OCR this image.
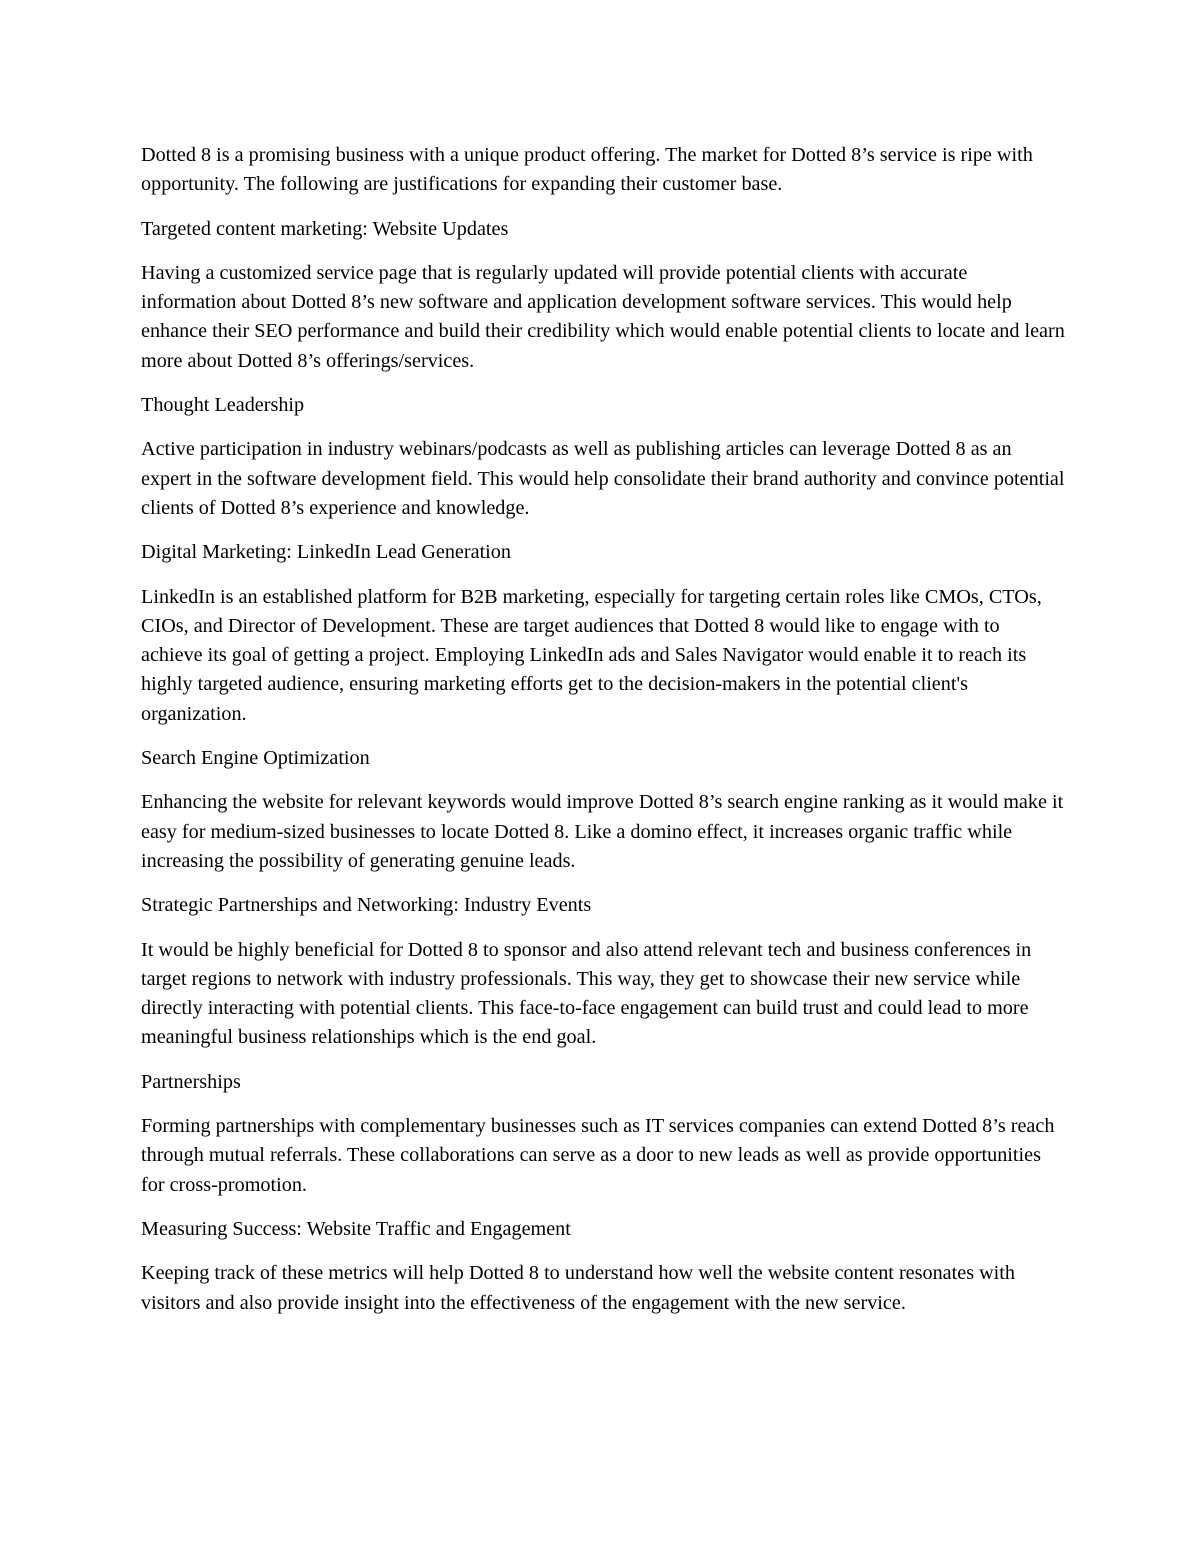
Dotted 8 is a promising business with a unique product offering. The market for Dotted 8’s service is ripe with opportunity. The following are justifications for expanding their customer base.

Targeted content marketing: Website Updates

Having a customized service page that is regularly updated will provide potential clients with accurate information about Dotted 8’s new software and application development software services. This would help enhance their SEO performance and build their credibility which would enable potential clients to locate and learn more about Dotted 8’s offerings/services.

Thought Leadership

Active participation in industry webinars/podcasts as well as publishing articles can leverage Dotted 8 as an expert in the software development field. This would help consolidate their brand authority and convince potential clients of Dotted 8’s experience and knowledge.

Digital Marketing: LinkedIn Lead Generation

LinkedIn is an established platform for B2B marketing, especially for targeting certain roles like CMOs, CTOs, CIOs, and Director of Development. These are target audiences that Dotted 8 would like to engage with to achieve its goal of getting a project. Employing LinkedIn ads and Sales Navigator would enable it to reach its highly targeted audience, ensuring marketing efforts get to the decision-makers in the potential client's organization.

Search Engine Optimization

Enhancing the website for relevant keywords would improve Dotted 8’s search engine ranking as it would make it easy for medium-sized businesses to locate Dotted 8. Like a domino effect, it increases organic traffic while increasing the possibility of generating genuine leads.

Strategic Partnerships and Networking: Industry Events

It would be highly beneficial for Dotted 8 to sponsor and also attend relevant tech and business conferences in target regions to network with industry professionals. This way, they get to showcase their new service while directly interacting with potential clients. This face-to-face engagement can build trust and could lead to more meaningful business relationships which is the end goal.

Partnerships

Forming partnerships with complementary businesses such as IT services companies can extend Dotted 8’s reach through mutual referrals. These collaborations can serve as a door to new leads as well as provide opportunities for cross-promotion.

Measuring Success: Website Traffic and Engagement

Keeping track of these metrics will help Dotted 8 to understand how well the website content resonates with visitors and also provide insight into the effectiveness of the engagement with the new service.
